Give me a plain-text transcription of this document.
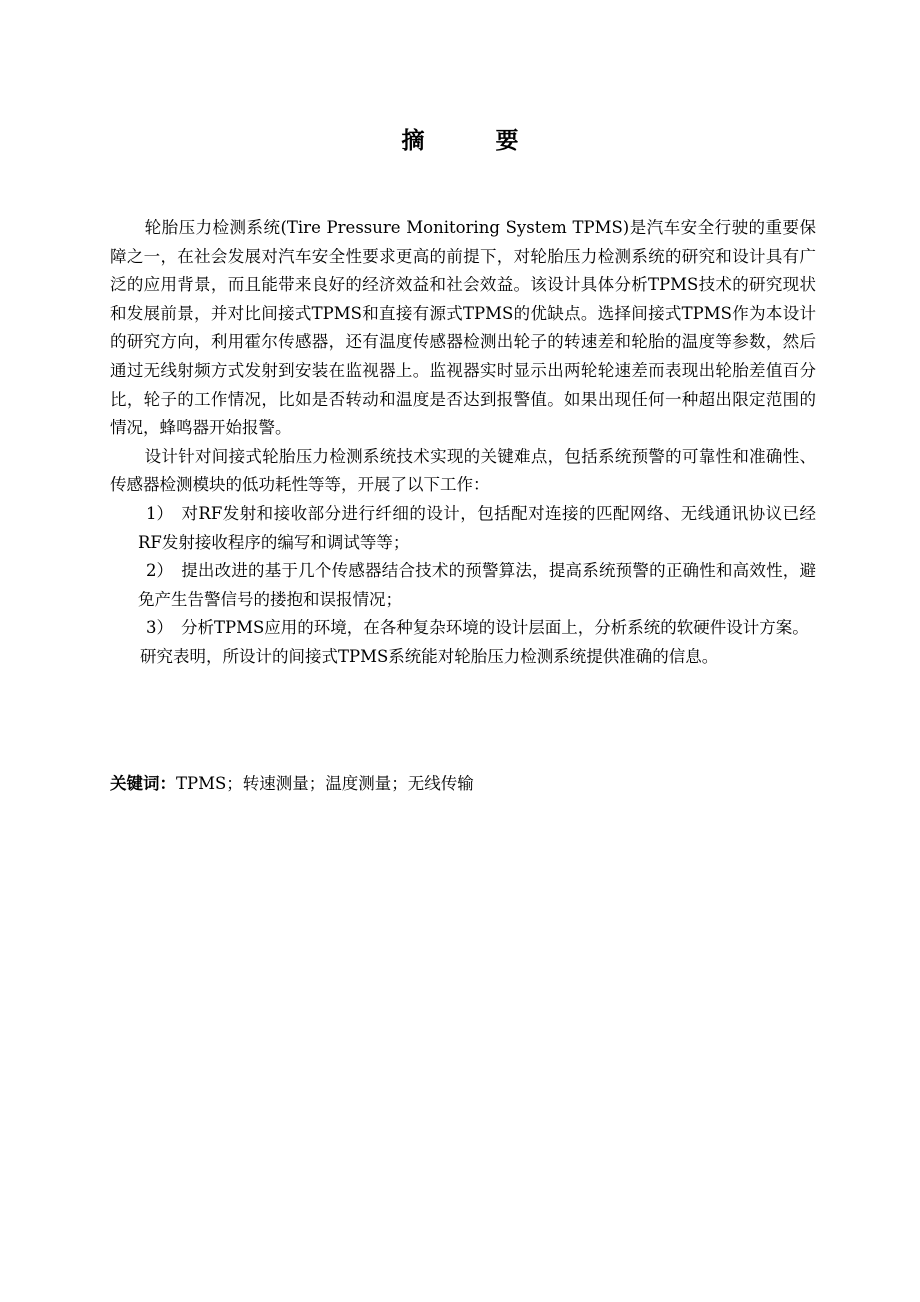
摘　要

轮胎压力检测系统(Tire Pressure Monitoring System TPMS)是汽车安全行驶的重要保障之一，在社会发展对汽车安全性要求更高的前提下，对轮胎压力检测系统的研究和设计具有广泛的应用背景，而且能带来良好的经济效益和社会效益。该设计具体分析TPMS技术的研究现状和发展前景，并对比间接式TPMS和直接有源式TPMS的优缺点。选择间接式TPMS作为本设计的研究方向，利用霍尔传感器，还有温度传感器检测出轮子的转速差和轮胎的温度等参数，然后通过无线射频方式发射到安装在监视器上。监视器实时显示出两轮轮速差而表现出轮胎差值百分比，轮子的工作情况，比如是否转动和温度是否达到报警值。如果出现任何一种超出限定范围的情况，蜂鸣器开始报警。

设计针对间接式轮胎压力检测系统技术实现的关键难点，包括系统预警的可靠性和准确性、传感器检测模块的低功耗性等等，开展了以下工作：

1） 对RF发射和接收部分进行纤细的设计，包括配对连接的匹配网络、无线通讯协议已经RF发射接收程序的编写和调试等等；

2） 提出改进的基于几个传感器结合技术的预警算法，提高系统预警的正确性和高效性，避免产生告警信号的搂抱和误报情况；

3） 分析TPMS应用的环境，在各种复杂环境的设计层面上，分析系统的软硬件设计方案。

研究表明，所设计的间接式TPMS系统能对轮胎压力检测系统提供准确的信息。

关键词：TPMS；转速测量；温度测量；无线传输
